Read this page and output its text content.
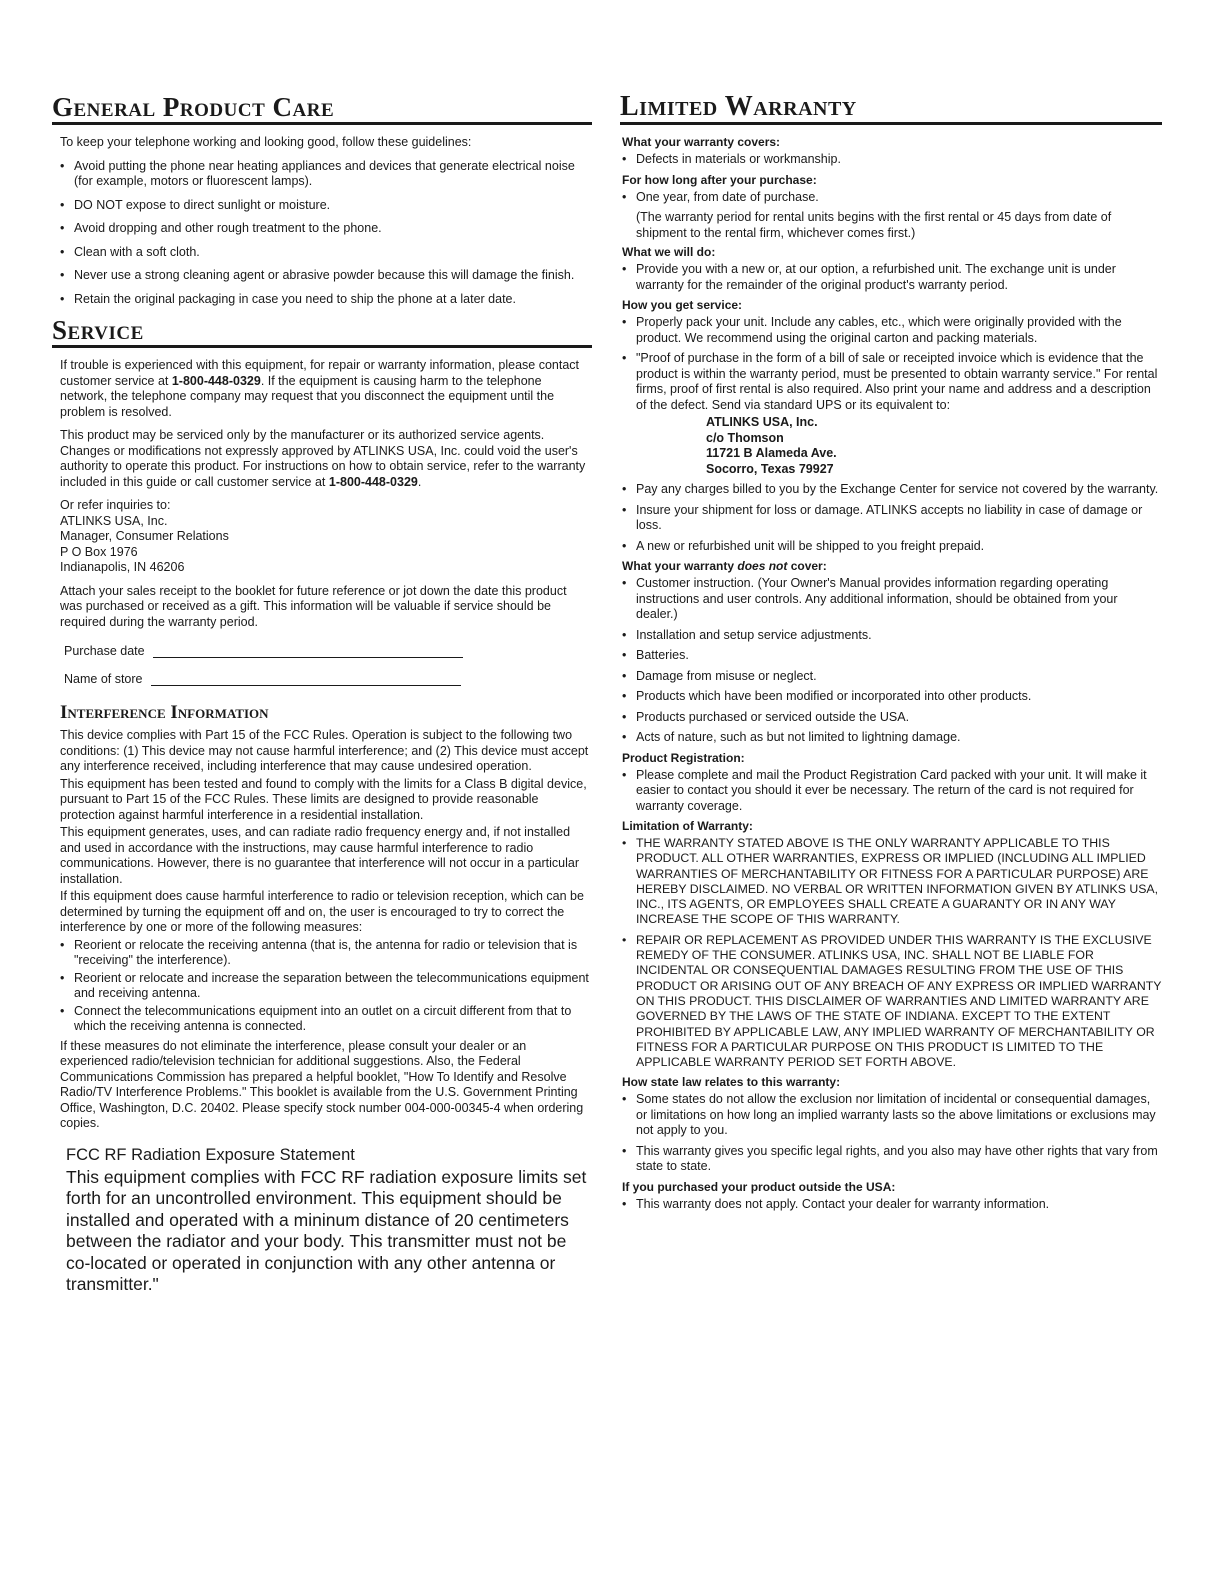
General Product Care

To keep your telephone working and looking good, follow these guidelines:

• Avoid putting the phone near heating appliances and devices that generate electrical noise (for example, motors or fluorescent lamps).
• DO NOT expose to direct sunlight or moisture.
• Avoid dropping and other rough treatment to the phone.
• Clean with a soft cloth.
• Never use a strong cleaning agent or abrasive powder because this will damage the finish.
• Retain the original packaging in case you need to ship the phone at a later date.
Service

If trouble is experienced with this equipment, for repair or warranty information, please contact customer service at 1-800-448-0329. If the equipment is causing harm to the telephone network, the telephone company may request that you disconnect the equipment until the problem is resolved.

This product may be serviced only by the manufacturer or its authorized service agents. Changes or modifications not expressly approved by ATLINKS USA, Inc. could void the user's authority to operate this product. For instructions on how to obtain service, refer to the warranty included in this guide or call customer service at 1-800-448-0329.

Or refer inquiries to:
ATLINKS USA, Inc.
Manager, Consumer Relations
P O Box 1976
Indianapolis, IN 46206

Attach your sales receipt to the booklet for future reference or jot down the date this product was purchased or received as a gift. This information will be valuable if service should be required during the warranty period.

Purchase date
Name of store
Interference Information

This device complies with Part 15 of the FCC Rules. Operation is subject to the following two conditions: (1) This device may not cause harmful interference; and (2) This device must accept any interference received, including interference that may cause undesired operation.

This equipment has been tested and found to comply with the limits for a Class B digital device, pursuant to Part 15 of the FCC Rules. These limits are designed to provide reasonable protection against harmful interference in a residential installation.

This equipment generates, uses, and can radiate radio frequency energy and, if not installed and used in accordance with the instructions, may cause harmful interference to radio communications. However, there is no guarantee that interference will not occur in a particular installation.

If this equipment does cause harmful interference to radio or television reception, which can be determined by turning the equipment off and on, the user is encouraged to try to correct the interference by one or more of the following measures:

• Reorient or relocate the receiving antenna (that is, the antenna for radio or television that is "receiving" the interference).
• Reorient or relocate and increase the separation between the telecommunications equipment and receiving antenna.
• Connect the telecommunications equipment into an outlet on a circuit different from that to which the receiving antenna is connected.

If these measures do not eliminate the interference, please consult your dealer or an experienced radio/television technician for additional suggestions. Also, the Federal Communications Commission has prepared a helpful booklet, "How To Identify and Resolve Radio/TV Interference Problems." This booklet is available from the U.S. Government Printing Office, Washington, D.C. 20402. Please specify stock number 004-000-00345-4 when ordering copies.

FCC RF Radiation Exposure Statement
This equipment complies with FCC RF radiation exposure limits set forth for an uncontrolled environment. This equipment should be installed and operated with a mininum distance of 20 centimeters between the radiator and your body. This transmitter must not be co-located or operated in conjunction with any other antenna or transmitter."
Limited Warranty
What your warranty covers:
• Defects in materials or workmanship.
For how long after your purchase:
• One year, from date of purchase.
(The warranty period for rental units begins with the first rental or 45 days from date of shipment to the rental firm, whichever comes first.)
What we will do:
• Provide you with a new or, at our option, a refurbished unit. The exchange unit is under warranty for the remainder of the original product's warranty period.
How you get service:
• Properly pack your unit. Include any cables, etc., which were originally provided with the product. We recommend using the original carton and packing materials.
• "Proof of purchase in the form of a bill of sale or receipted invoice which is evidence that the product is within the warranty period, must be presented to obtain warranty service." For rental firms, proof of first rental is also required. Also print your name and address and a description of the defect. Send via standard UPS or its equivalent to:
ATLINKS USA, Inc.
c/o Thomson
11721 B Alameda Ave.
Socorro, Texas 79927
• Pay any charges billed to you by the Exchange Center for service not covered by the warranty.
• Insure your shipment for loss or damage. ATLINKS accepts no liability in case of damage or loss.
• A new or refurbished unit will be shipped to you freight prepaid.
What your warranty does not cover:
• Customer instruction. (Your Owner's Manual provides information regarding operating instructions and user controls. Any additional information, should be obtained from your dealer.)
• Installation and setup service adjustments.
• Batteries.
• Damage from misuse or neglect.
• Products which have been modified or incorporated into other products.
• Products purchased or serviced outside the USA.
• Acts of nature, such as but not limited to lightning damage.
Product Registration:
• Please complete and mail the Product Registration Card packed with your unit. It will make it easier to contact you should it ever be necessary. The return of the card is not required for warranty coverage.
Limitation of Warranty:
• THE WARRANTY STATED ABOVE IS THE ONLY WARRANTY APPLICABLE TO THIS PRODUCT. ALL OTHER WARRANTIES, EXPRESS OR IMPLIED (INCLUDING ALL IMPLIED WARRANTIES OF MERCHANTABILITY OR FITNESS FOR A PARTICULAR PURPOSE) ARE HEREBY DISCLAIMED. NO VERBAL OR WRITTEN INFORMATION GIVEN BY ATLINKS USA, INC., ITS AGENTS, OR EMPLOYEES SHALL CREATE A GUARANTY OR IN ANY WAY INCREASE THE SCOPE OF THIS WARRANTY.
• REPAIR OR REPLACEMENT AS PROVIDED UNDER THIS WARRANTY IS THE EXCLUSIVE REMEDY OF THE CONSUMER. ATLINKS USA, INC. SHALL NOT BE LIABLE FOR INCIDENTAL OR CONSEQUENTIAL DAMAGES RESULTING FROM THE USE OF THIS PRODUCT OR ARISING OUT OF ANY BREACH OF ANY EXPRESS OR IMPLIED WARRANTY ON THIS PRODUCT. THIS DISCLAIMER OF WARRANTIES AND LIMITED WARRANTY ARE GOVERNED BY THE LAWS OF THE STATE OF INDIANA. EXCEPT TO THE EXTENT PROHIBITED BY APPLICABLE LAW, ANY IMPLIED WARRANTY OF MERCHANTABILITY OR FITNESS FOR A PARTICULAR PURPOSE ON THIS PRODUCT IS LIMITED TO THE APPLICABLE WARRANTY PERIOD SET FORTH ABOVE.
How state law relates to this warranty:
• Some states do not allow the exclusion nor limitation of incidental or consequential damages, or limitations on how long an implied warranty lasts so the above limitations or exclusions may not apply to you.
• This warranty gives you specific legal rights, and you also may have other rights that vary from state to state.
If you purchased your product outside the USA:
• This warranty does not apply. Contact your dealer for warranty information.
